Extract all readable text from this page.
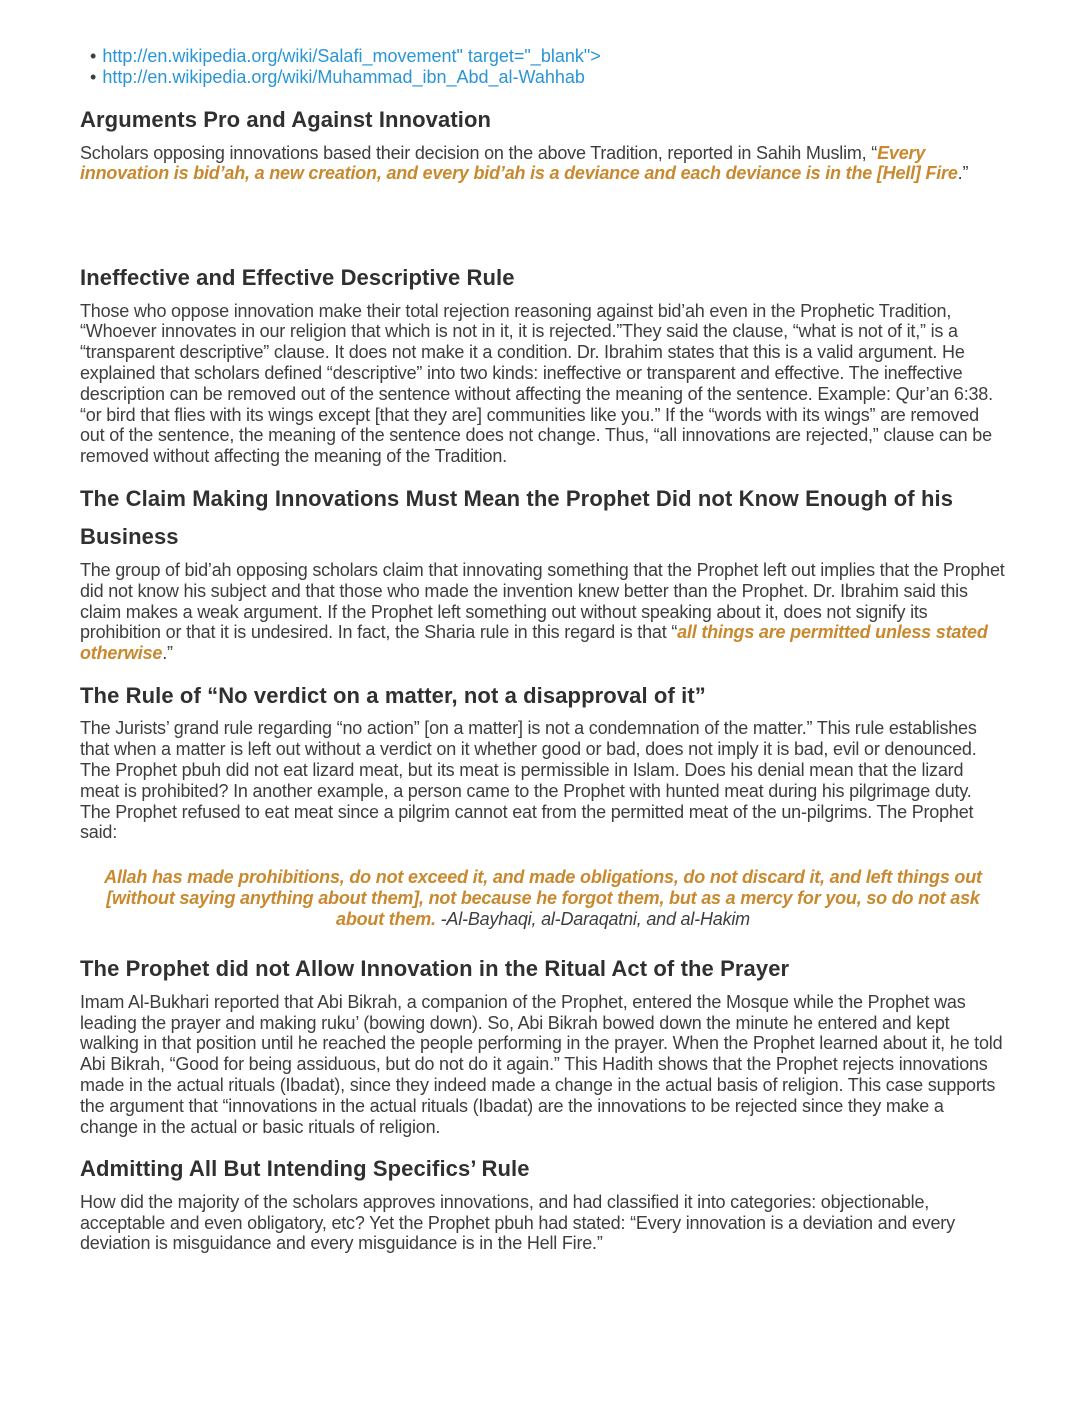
• http://en.wikipedia.org/wiki/Salafi_movement" target="_blank">
• http://en.wikipedia.org/wiki/Muhammad_ibn_Abd_al-Wahhab
Arguments Pro and Against Innovation

Scholars opposing innovations based their decision on the above Tradition, reported in Sahih Muslim, “Every innovation is bid’ah, a new creation, and every bid’ah is a deviance and each deviance is in the [Hell] Fire.”

Ineffective and Effective Descriptive Rule

Those who oppose innovation make their total rejection reasoning against bid’ah even in the Prophetic Tradition, “Whoever innovates in our religion that which is not in it, it is rejected.”They said the clause, “what is not of it,” is a “transparent descriptive” clause. It does not make it a condition. Dr. Ibrahim states that this is a valid argument. He explained that scholars defined “descriptive” into two kinds: ineffective or transparent and effective. The ineffective description can be removed out of the sentence without affecting the meaning of the sentence. Example: Qur’an 6:38. “or bird that flies with its wings except [that they are] communities like you.” If the “words with its wings” are removed out of the sentence, the meaning of the sentence does not change. Thus, “all innovations are rejected,” clause can be removed without affecting the meaning of the Tradition.

The Claim Making Innovations Must Mean the Prophet Did not Know Enough of his Business

The group of bid’ah opposing scholars claim that innovating something that the Prophet left out implies that the Prophet did not know his subject and that those who made the invention knew better than the Prophet. Dr. Ibrahim said this claim makes a weak argument. If the Prophet left something out without speaking about it, does not signify its prohibition or that it is undesired. In fact, the Sharia rule in this regard is that “all things are permitted unless stated otherwise.”

The Rule of “No verdict on a matter, not a disapproval of it”

The Jurists’ grand rule regarding “no action” [on a matter] is not a condemnation of the matter.” This rule establishes that when a matter is left out without a verdict on it whether good or bad, does not imply it is bad, evil or denounced. The Prophet pbuh did not eat lizard meat, but its meat is permissible in Islam. Does his denial mean that the lizard meat is prohibited? In another example, a person came to the Prophet with hunted meat during his pilgrimage duty. The Prophet refused to eat meat since a pilgrim cannot eat from the permitted meat of the un-pilgrims. The Prophet said:

Allah has made prohibitions, do not exceed it, and made obligations, do not discard it, and left things out [without saying anything about them], not because he forgot them, but as a mercy for you, so do not ask about them. -Al-Bayhaqi, al-Daraqatni, and al-Hakim
The Prophet did not Allow Innovation in the Ritual Act of the Prayer

Imam Al-Bukhari reported that Abi Bikrah, a companion of the Prophet, entered the Mosque while the Prophet was leading the prayer and making ruku’ (bowing down). So, Abi Bikrah bowed down the minute he entered and kept walking in that position until he reached the people performing in the prayer. When the Prophet learned about it, he told Abi Bikrah, “Good for being assiduous, but do not do it again.” This Hadith shows that the Prophet rejects innovations made in the actual rituals (Ibadat), since they indeed made a change in the actual basis of religion. This case supports the argument that “innovations in the actual rituals (Ibadat) are the innovations to be rejected since they make a change in the actual or basic rituals of religion.

Admitting All But Intending Specifics’ Rule

How did the majority of the scholars approves innovations, and had classified it into categories: objectionable, acceptable and even obligatory, etc? Yet the Prophet pbuh had stated: “Every innovation is a deviation and every deviation is misguidance and every misguidance is in the Hell Fire.”
